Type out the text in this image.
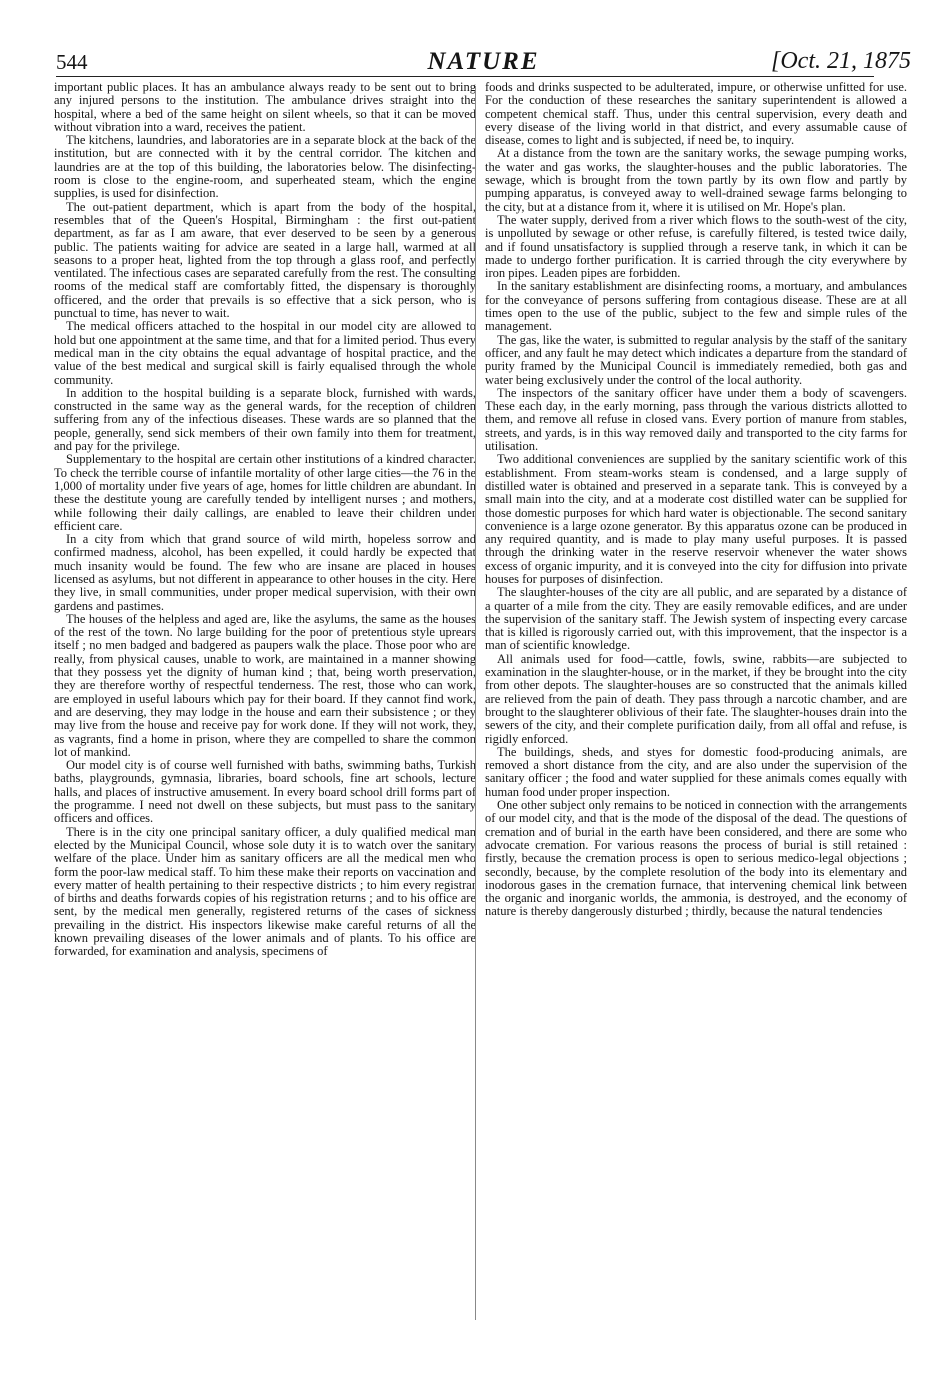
544	NATURE	[Oct. 21, 1875

important public places. It has an ambulance always ready to be sent out to bring any injured persons to the institution. The ambulance drives straight into the hospital, where a bed of the same height on silent wheels, so that it can be moved without vibration into a ward, receives the patient.

The kitchens, laundries, and laboratories are in a separate block at the back of the institution, but are connected with it by the central corridor. The kitchen and laundries are at the top of this building, the laboratories below. The disinfecting-room is close to the engine-room, and superheated steam, which the engine supplies, is used for disinfection.

The out-patient department, which is apart from the body of the hospital, resembles that of the Queen's Hospital, Birmingham : the first out-patient department, as far as I am aware, that ever deserved to be seen by a generous public. The patients waiting for advice are seated in a large hall, warmed at all seasons to a proper heat, lighted from the top through a glass roof, and perfectly ventilated. The infectious cases are separated carefully from the rest. The consulting rooms of the medical staff are comfortably fitted, the dispensary is thoroughly officered, and the order that prevails is so effective that a sick person, who is punctual to time, has never to wait.

The medical officers attached to the hospital in our model city are allowed to hold but one appointment at the same time, and that for a limited period. Thus every medical man in the city obtains the equal advantage of hospital practice, and the value of the best medical and surgical skill is fairly equalised through the whole community.

In addition to the hospital building is a separate block, furnished with wards, constructed in the same way as the general wards, for the reception of children suffering from any of the infectious diseases. These wards are so planned that the people, generally, send sick members of their own family into them for treatment, and pay for the privilege.

Supplementary to the hospital are certain other institutions of a kindred character. To check the terrible course of infantile mortality of other large cities—the 76 in the 1,000 of mortality under five years of age, homes for little children are abundant. In these the destitute young are carefully tended by intelligent nurses ; and mothers, while following their daily callings, are enabled to leave their children under efficient care.

In a city from which that grand source of wild mirth, hopeless sorrow and confirmed madness, alcohol, has been expelled, it could hardly be expected that much insanity would be found. The few who are insane are placed in houses licensed as asylums, but not different in appearance to other houses in the city. Here they live, in small communities, under proper medical supervision, with their own gardens and pastimes.

The houses of the helpless and aged are, like the asylums, the same as the houses of the rest of the town. No large building for the poor of pretentious style uprears itself ; no men badged and badgered as paupers walk the place. Those poor who are really, from physical causes, unable to work, are maintained in a manner showing that they possess yet the dignity of human kind ; that, being worth preservation, they are therefore worthy of respectful tenderness. The rest, those who can work, are employed in useful labours which pay for their board. If they cannot find work, and are deserving, they may lodge in the house and earn their subsistence ; or they may live from the house and receive pay for work done. If they will not work, they, as vagrants, find a home in prison, where they are compelled to share the common lot of mankind.

Our model city is of course well furnished with baths, swimming baths, Turkish baths, playgrounds, gymnasia, libraries, board schools, fine art schools, lecture halls, and places of instructive amusement. In every board school drill forms part of the programme. I need not dwell on these subjects, but must pass to the sanitary officers and offices.

There is in the city one principal sanitary officer, a duly qualified medical man elected by the Municipal Council, whose sole duty it is to watch over the sanitary welfare of the place. Under him as sanitary officers are all the medical men who form the poor-law medical staff. To him these make their reports on vaccination and every matter of health pertaining to their respective districts ; to him every registrar of births and deaths forwards copies of his registration returns ; and to his office are sent, by the medical men generally, registered returns of the cases of sickness prevailing in the district. His inspectors likewise make careful returns of all the known prevailing diseases of the lower animals and of plants. To his office are forwarded, for examination and analysis, specimens of

foods and drinks suspected to be adulterated, impure, or otherwise unfitted for use. For the conduction of these researches the sanitary superintendent is allowed a competent chemical staff. Thus, under this central supervision, every death and every disease of the living world in that district, and every assumable cause of disease, comes to light and is subjected, if need be, to inquiry.

At a distance from the town are the sanitary works, the sewage pumping works, the water and gas works, the slaughter-houses and the public laboratories. The sewage, which is brought from the town partly by its own flow and partly by pumping apparatus, is conveyed away to well-drained sewage farms belonging to the city, but at a distance from it, where it is utilised on Mr. Hope's plan.

The water supply, derived from a river which flows to the south-west of the city, is unpolluted by sewage or other refuse, is carefully filtered, is tested twice daily, and if found unsatisfactory is supplied through a reserve tank, in which it can be made to undergo forther purification. It is carried through the city everywhere by iron pipes. Leaden pipes are forbidden.

In the sanitary establishment are disinfecting rooms, a mortuary, and ambulances for the conveyance of persons suffering from contagious disease. These are at all times open to the use of the public, subject to the few and simple rules of the management.

The gas, like the water, is submitted to regular analysis by the staff of the sanitary officer, and any fault he may detect which indicates a departure from the standard of purity framed by the Municipal Council is immediately remedied, both gas and water being exclusively under the control of the local authority.

The inspectors of the sanitary officer have under them a body of scavengers. These each day, in the early morning, pass through the various districts allotted to them, and remove all refuse in closed vans. Every portion of manure from stables, streets, and yards, is in this way removed daily and transported to the city farms for utilisation.

Two additional conveniences are supplied by the sanitary scientific work of this establishment. From steam-works steam is condensed, and a large supply of distilled water is obtained and preserved in a separate tank. This is conveyed by a small main into the city, and at a moderate cost distilled water can be supplied for those domestic purposes for which hard water is objectionable. The second sanitary convenience is a large ozone generator. By this apparatus ozone can be produced in any required quantity, and is made to play many useful purposes. It is passed through the drinking water in the reserve reservoir whenever the water shows excess of organic impurity, and it is conveyed into the city for diffusion into private houses for purposes of disinfection.

The slaughter-houses of the city are all public, and are separated by a distance of a quarter of a mile from the city. They are easily removable edifices, and are under the supervision of the sanitary staff. The Jewish system of inspecting every carcase that is killed is rigorously carried out, with this improvement, that the inspector is a man of scientific knowledge.

All animals used for food—cattle, fowls, swine, rabbits—are subjected to examination in the slaughter-house, or in the market, if they be brought into the city from other depots. The slaughter-houses are so constructed that the animals killed are relieved from the pain of death. They pass through a narcotic chamber, and are brought to the slaughterer oblivious of their fate. The slaughter-houses drain into the sewers of the city, and their complete purification daily, from all offal and refuse, is rigidly enforced.

The buildings, sheds, and styes for domestic food-producing animals, are removed a short distance from the city, and are also under the supervision of the sanitary officer ; the food and water supplied for these animals comes equally with human food under proper inspection.

One other subject only remains to be noticed in connection with the arrangements of our model city, and that is the mode of the disposal of the dead. The questions of cremation and of burial in the earth have been considered, and there are some who advocate cremation. For various reasons the process of burial is still retained : firstly, because the cremation process is open to serious medico-legal objections ; secondly, because, by the complete resolution of the body into its elementary and inodorous gases in the cremation furnace, that intervening chemical link between the organic and inorganic worlds, the ammonia, is destroyed, and the economy of nature is thereby dangerously disturbed ; thirdly, because the natural tendencies
